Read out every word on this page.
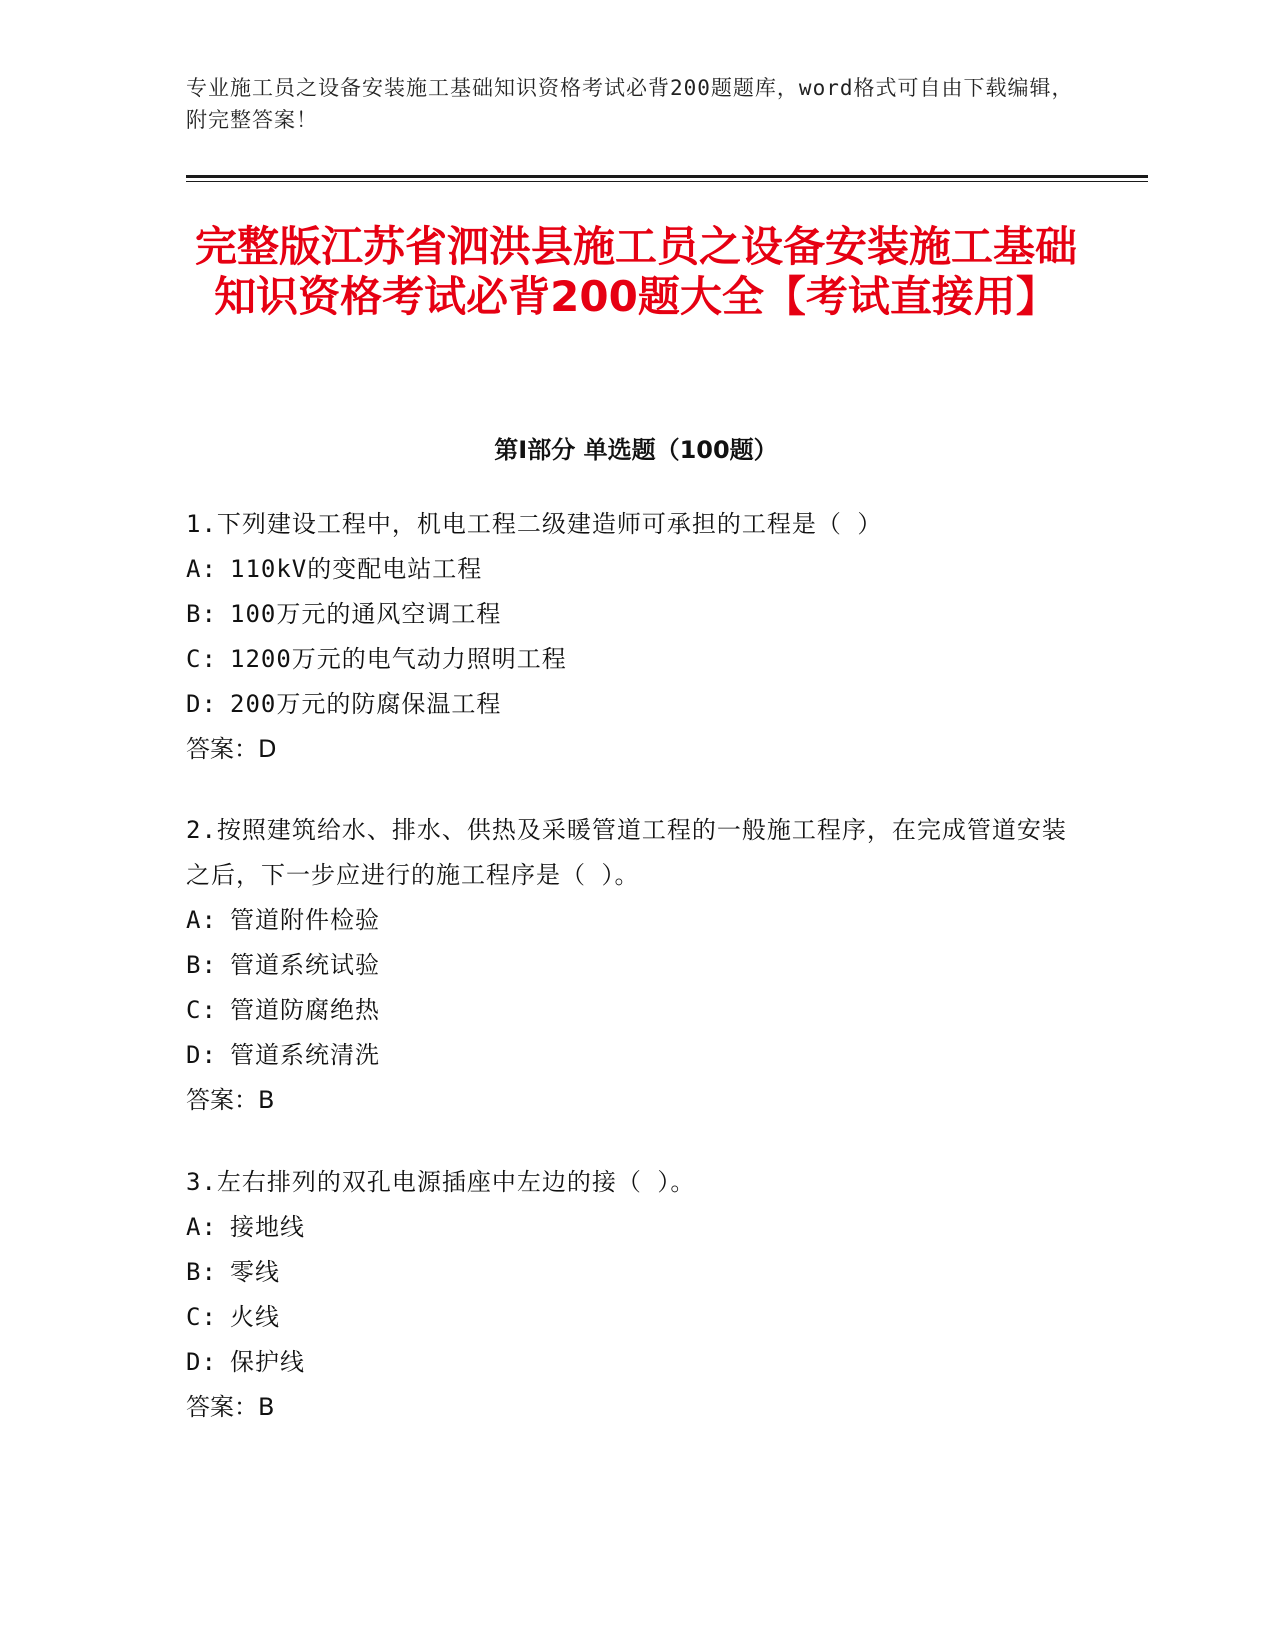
专业施工员之设备安装施工基础知识资格考试必背200题题库，word格式可自由下载编辑，附完整答案！
完整版江苏省泗洪县施工员之设备安装施工基础知识资格考试必背200题大全【考试直接用】
第I部分 单选题（100题）

1.下列建设工程中，机电工程二级建造师可承担的工程是（ ）

A: 110kV的变配电站工程

B: 100万元的通风空调工程

C: 1200万元的电气动力照明工程

D: 200万元的防腐保温工程

答案：D

2.按照建筑给水、排水、供热及采暖管道工程的一般施工程序，在完成管道安装之后，下一步应进行的施工程序是（ ）。

A: 管道附件检验

B: 管道系统试验

C: 管道防腐绝热

D: 管道系统清洗

答案：B

3.左右排列的双孔电源插座中左边的接（ ）。

A: 接地线

B: 零线

C: 火线

D: 保护线

答案：B
